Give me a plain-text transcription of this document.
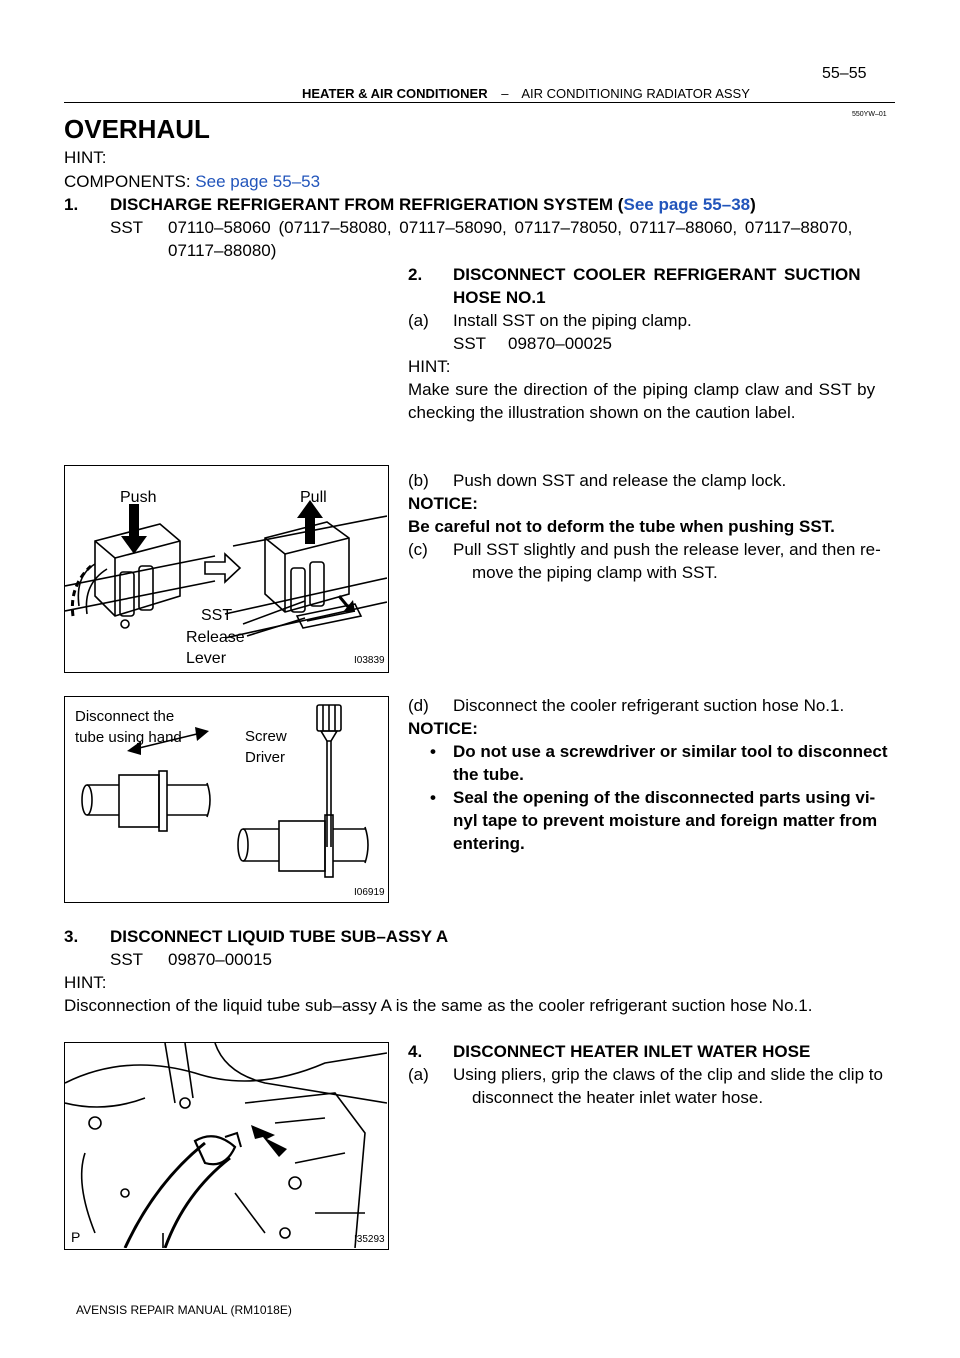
55–55
HEATER & AIR CONDITIONER – AIR CONDITIONING RADIATOR ASSY
550YW–01
OVERHAUL
HINT:
COMPONENTS: See page 55–53
1. DISCHARGE REFRIGERANT FROM REFRIGERATION SYSTEM (See page 55–38)
SST 07110–58060 (07117–58080, 07117–58090, 07117–78050, 07117–88060, 07117–88070,
07117–88080)
2. DISCONNECT COOLER REFRIGERANT SUCTION
HOSE NO.1
(a) Install SST on the piping clamp.
SST 09870–00025
HINT:
Make sure the direction of the piping clamp claw and SST by
checking the illustration shown on the caution label.
(b) Push down SST and release the clamp lock.
NOTICE:
Be careful not to deform the tube when pushing SST.
(c) Pull SST slightly and push the release lever, and then re-
move the piping clamp with SST.
(d) Disconnect the cooler refrigerant suction hose No.1.
NOTICE:
• Do not use a screwdriver or similar tool to disconnect
the tube.
• Seal the opening of the disconnected parts using vi-
nyl tape to prevent moisture and foreign matter from
entering.
3. DISCONNECT LIQUID TUBE SUB–ASSY A
SST 09870–00015
HINT:
Disconnection of the liquid tube sub–assy A is the same as the cooler refrigerant suction hose No.1.
4. DISCONNECT HEATER INLET WATER HOSE
(a) Using pliers, grip the claws of the clip and slide the clip to
disconnect the heater inlet water hose.
Push	Pull
SST
Release
Lever	I03839
Disconnect the
tube using hand	Screw
Driver
I06919
P	I35293
AVENSIS REPAIR MANUAL (RM1018E)
